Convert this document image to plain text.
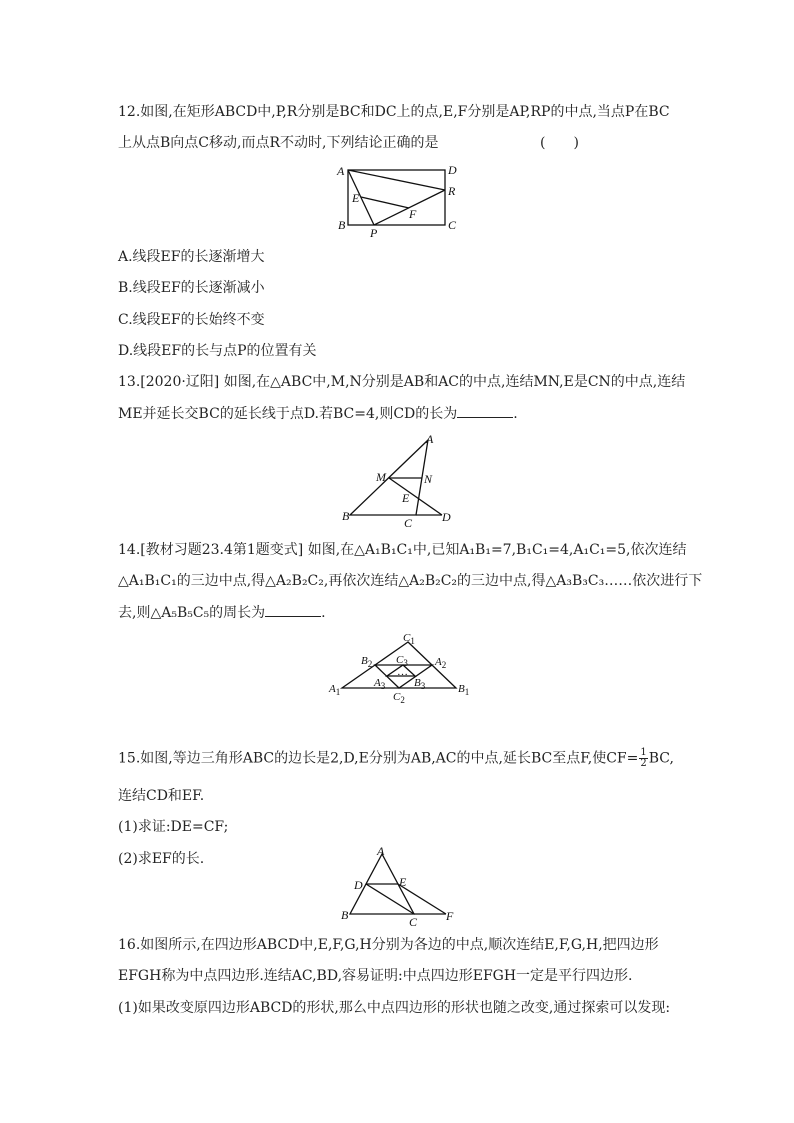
12.如图,在矩形ABCD中,P,R分别是BC和DC上的点,E,F分别是AP,RP的中点,当点P在BC
上从点B向点C移动,而点R不动时,下列结论正确的是	(　　)
A	D
R
E
F
B
P
C
A.线段EF的长逐渐增大
B.线段EF的长逐渐减小
C.线段EF的长始终不变
D.线段EF的长与点P的位置有关
13.[2020·辽阳] 如图,在△ABC中,M,N分别是AB和AC的中点,连结MN,E是CN的中点,连结
ME并延长交BC的延长线于点D.若BC=4,则CD的长为	.
A
M	N
E
B	C D
14.[教材习题23.4第1题变式] 如图,在△A₁B₁C₁中,已知A₁B₁=7,B₁C₁=4,A₁C₁=5,依次连结
△A₁B₁C₁的三边中点,得△A₂B₂C₂,再依次连结△A₂B₂C₂的三边中点,得△A₃B₃C₃……依次进行下
去,则△A₅B₅C₅的周长为	.
$C_1$
$B_2$	$A_2$
$C_3$
…
$A_3$	$B_3$
$C_2$
$A_1$	$B_1$
15.如图,等边三角形ABC的边长是2,D,E分别为AB,AC的中点,延长BC至点F,使$CF= \frac{1}{2}$ BC,
连结CD和EF.
(1)求证:DE=CF;
(2)求EF的长.	A
D	E
B	C F
16.如图所示,在四边形ABCD中,E,F,G,H分别为各边的中点,顺次连结E,F,G,H,把四边形
EFGH称为中点四边形.连结AC,BD,容易证明:中点四边形EFGH一定是平行四边形.
(1)如果改变原四边形ABCD的形状,那么中点四边形的形状也随之改变,通过探索可以发现:
